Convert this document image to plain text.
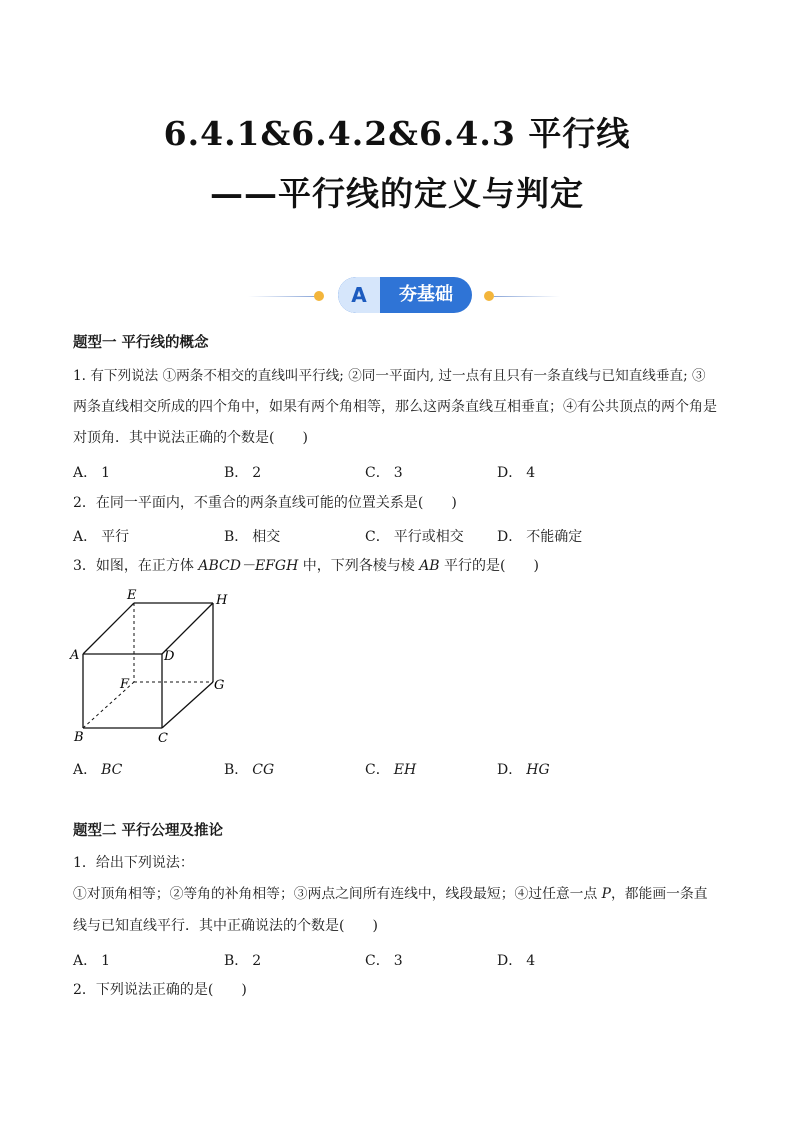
6.4.1&6.4.2&6.4.3 平行线
——平行线的定义与判定
A	夯基础
题型一 平行线的概念
1. 有下列说法 ①两条不相交的直线叫平行线; ②同一平面内, 过一点有且只有一条直线与已知直线垂直; ③
两条直线相交所成的四个角中，如果有两个角相等，那么这两条直线互相垂直；④有公共顶点的两个角是
对顶角．其中说法正确的个数是(　　)
A． 1	B． 2	C． 3	D． 4
2．在同一平面内，不重合的两条直线可能的位置关系是(　　)
A． 平行	B． 相交	C． 平行或相交 D． 不能确定
3．如图，在正方体 ABCD－EFGH 中，下列各棱与棱 AB 平行的是(　　)
A
B	C
D
E
F	G
H
A． BC	B． CG	C． EH	D． HG
题型二 平行公理及推论
1．给出下列说法：
①对顶角相等；②等角的补角相等；③两点之间所有连线中，线段最短；④过任意一点 P，都能画一条直
线与已知直线平行．其中正确说法的个数是(　　)
A． 1	B． 2	C． 3	D． 4
2．下列说法正确的是(　　)
